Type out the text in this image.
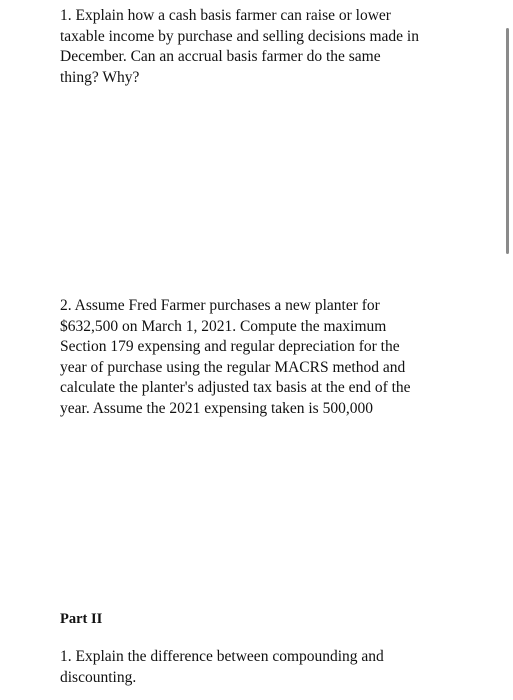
1. Explain how a cash basis farmer can raise or lower
taxable income by purchase and selling decisions made in
December. Can an accrual basis farmer do the same
thing? Why?
2. Assume Fred Farmer purchases a new planter for
$632,500 on March 1, 2021. Compute the maximum
Section 179 expensing and regular depreciation for the
year of purchase using the regular MACRS method and
calculate the planter's adjusted tax basis at the end of the
year. Assume the 2021 expensing taken is 500,000
Part II
1. Explain the difference between compounding and
discounting.
